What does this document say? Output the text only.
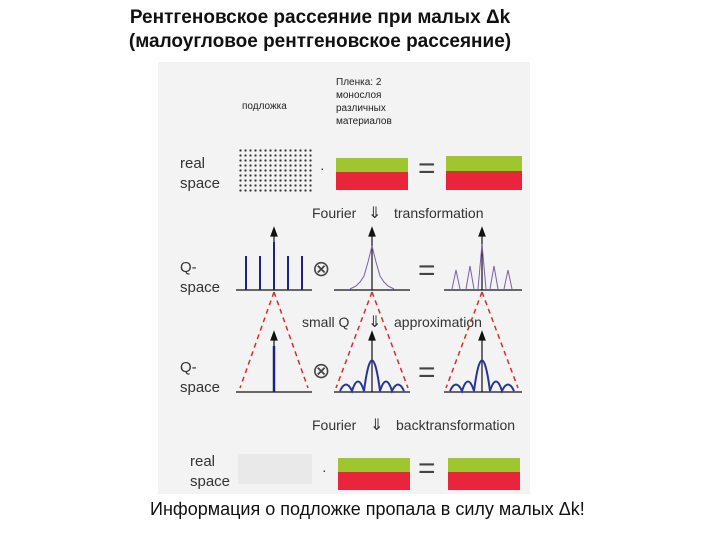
Рентгеновское рассеяние при малых Δk
(малоугловое рентгеновское рассеяние)
подложка
Пленка: 2 монослоя различных материалов
real
space
·	=
Fourier ⇓ transformation
Q-
space
⊗	=
small Q ⇓ approximation
Q-
space
⊗	=
Fourier ⇓ backtransformation
real
space
·	=
Информация о подложке пропала в силу малых Δk!
